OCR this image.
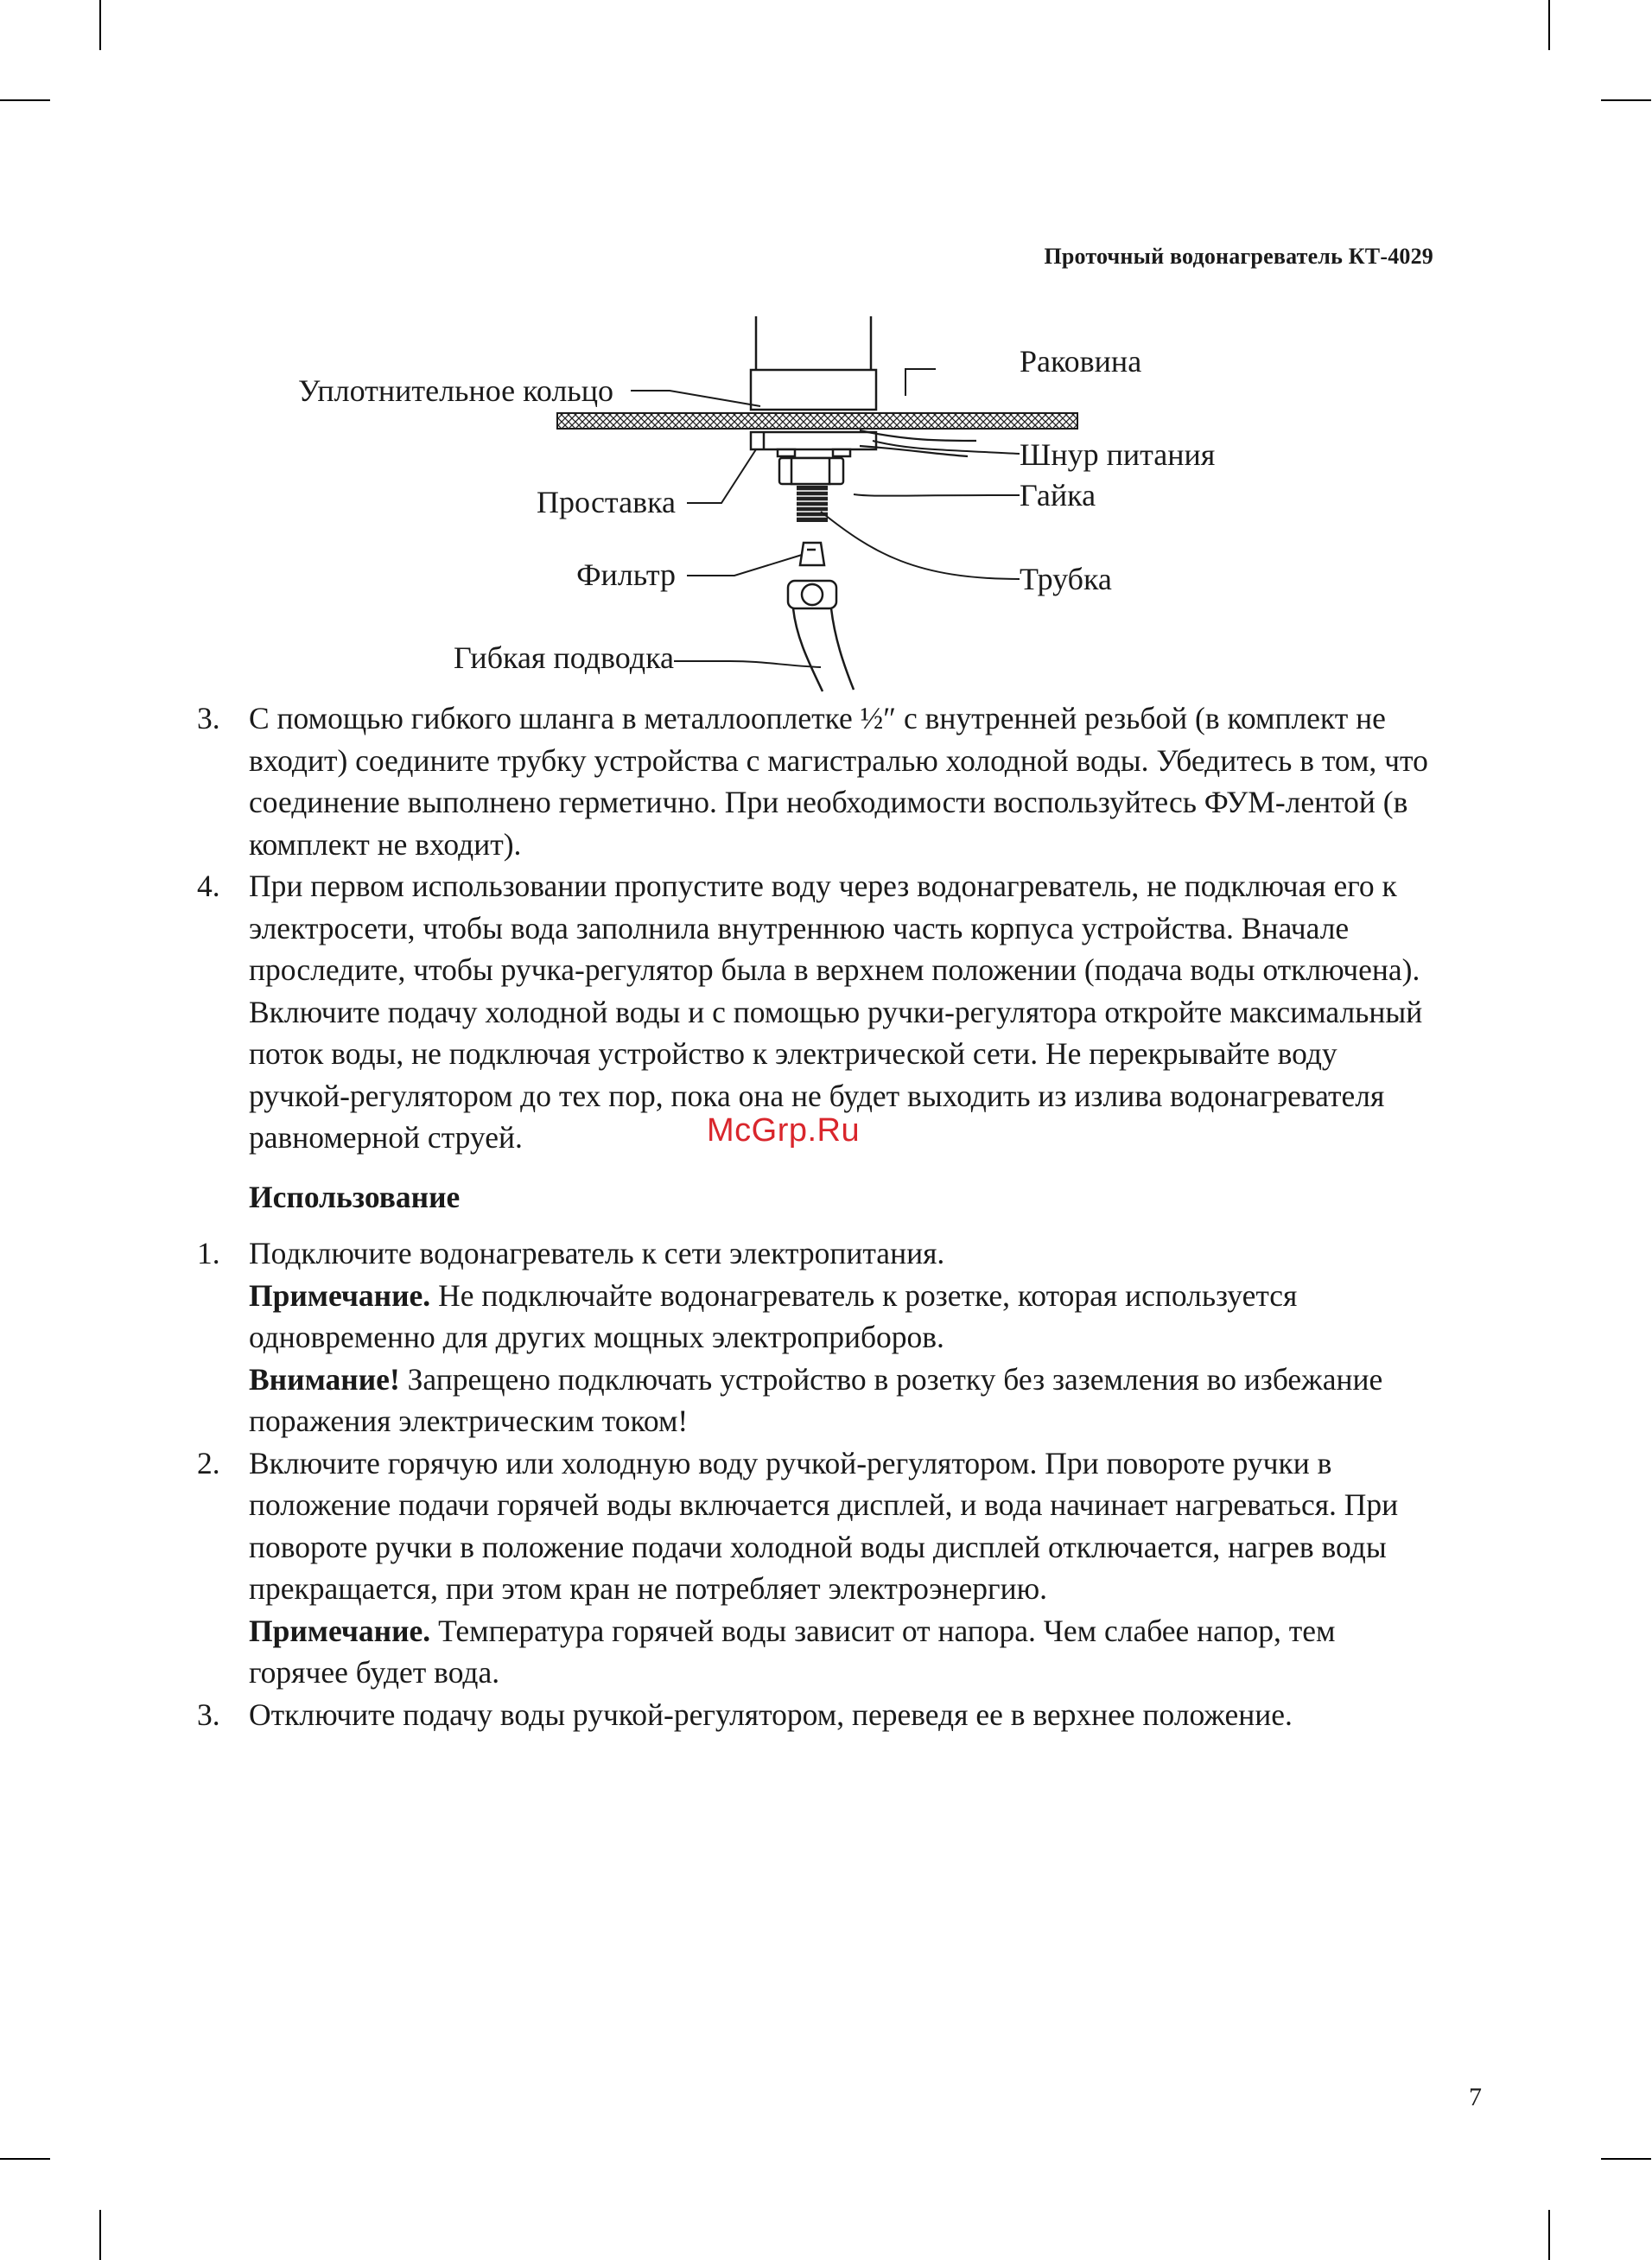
Проточный водонагреватель КТ-4029
Уплотнительное кольцо
Раковина
Шнур питания
Проставка	Гайка
Фильтр	Трубка
Гибкая подводка
3. С помощью гибкого шланга в металлооплетке ½″ с внутренней резьбой (в комплект не входит) соедините трубку устройства с магистралью холодной воды. Убедитесь в том, что соединение выполнено герметично. При необходимости воспользуйтесь ФУМ-лентой (в комплект не входит).

4. При первом использовании пропустите воду через водонагреватель, не подключая его к электросети, чтобы вода заполнила внутреннюю часть корпуса устройства. Вначале проследите, чтобы ручка-регулятор была в верхнем положении (подача воды отключена). Включите подачу холодной воды и с помощью ручки-регулятора откройте максимальный поток воды, не подключая устройство к электрической сети. Не перекрывайте воду ручкой-регулятором до тех пор, пока она не будет выходить из излива водонагревателя равномерной струей.

Использование
1. Подключите водонагреватель к сети электропитания.

Примечание. Не подключайте водонагреватель к розетке, которая используется одновременно для других мощных электроприборов.

Внимание! Запрещено подключать устройство в розетку без заземления во избежание поражения электрическим током!

2. Включите горячую или холодную воду ручкой-регулятором. При повороте ручки в положение подачи горячей воды включается дисплей, и вода начинает нагреваться. При повороте ручки в положение подачи холодной воды дисплей отключается, нагрев воды прекращается, при этом кран не потребляет электроэнергию.

Примечание. Температура горячей воды зависит от напора. Чем слабее напор, тем горячее будет вода.

3. Отключите подачу воды ручкой-регулятором, переведя ее в верхнее положение.

McGrp.Ru
7
